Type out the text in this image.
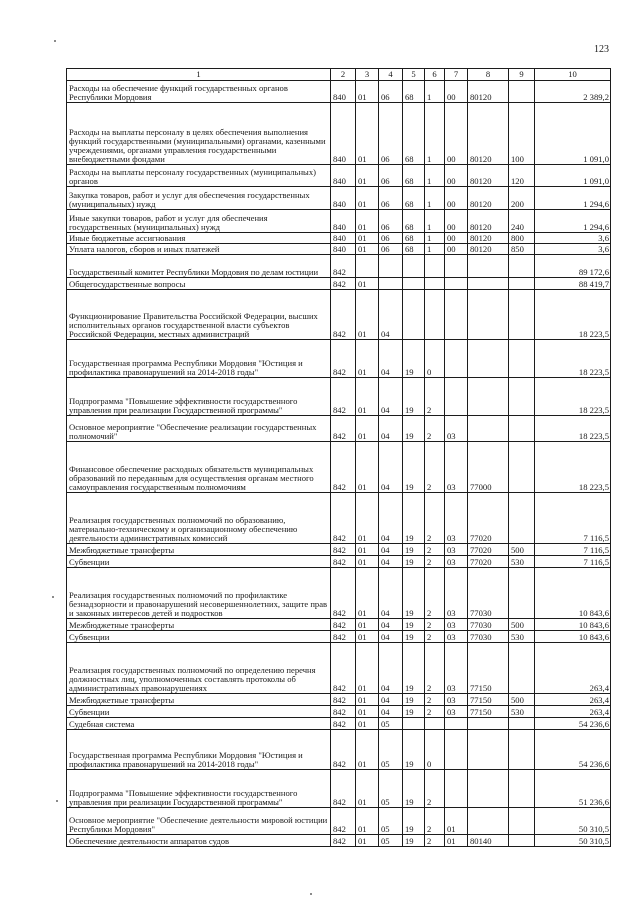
123
1	2	3	4	5	6	7	8	9	10
Расходы на обеспечение функций государственных органов Республики Мордовия	840	01	06	68	1	00	80120		2 389,2
Расходы на выплаты персоналу в целях обеспечения выполнения функций государственными (муниципальными) органами, казенными учреждениями, органами управления государственными внебюджетными фондами	840	01	06	68	1	00	80120	100	1 091,0
Расходы на выплаты персоналу государственных (муниципальных) органов	840	01	06	68	1	00	80120	120	1 091,0
Закупка товаров, работ и услуг для обеспечения государственных (муниципальных) нужд	840	01	06	68	1	00	80120	200	1 294,6
Иные закупки товаров, работ и услуг для обеспечения государственных (муниципальных) нужд	840	01	06	68	1	00	80120	240	1 294,6
Иные бюджетные ассигнования	840	01	06	68	1	00	80120	800	3,6
Уплата налогов, сборов и иных платежей	840	01	06	68	1	00	80120	850	3,6
Государственный комитет Республики Мордовия по делам юстиции	842								89 172,6
Общегосударственные вопросы	842	01							88 419,7
Функционирование Правительства Российской Федерации, высших исполнительных органов государственной власти субъектов Российской Федерации, местных администраций	842	01	04						18 223,5
Государственная программа Республики Мордовия "Юстиция и профилактика правонарушений на 2014-2018 годы"	842	01	04	19	0				18 223,5
Подпрограмма "Повышение эффективности государственного управления при реализации Государственной программы"	842	01	04	19	2				18 223,5
Основное мероприятие "Обеспечение реализации государственных полномочий"	842	01	04	19	2	03			18 223,5
Финансовое обеспечение расходных обязательств муниципальных образований по переданным для осуществления органам местного самоуправления государственным полномочиям	842	01	04	19	2	03	77000		18 223,5
Реализация государственных полномочий по образованию, материально-техническому и организационному обеспечению деятельности административных комиссий	842	01	04	19	2	03	77020		7 116,5
Межбюджетные трансферты	842	01	04	19	2	03	77020	500	7 116,5
Субвенции	842	01	04	19	2	03	77020	530	7 116,5
Реализация государственных полномочий по профилактике безнадзорности и правонарушений несовершеннолетних, защите прав и законных интересов детей и подростков	842	01	04	19	2	03	77030		10 843,6
Межбюджетные трансферты	842	01	04	19	2	03	77030	500	10 843,6
Субвенции	842	01	04	19	2	03	77030	530	10 843,6
Реализация государственных полномочий по определению перечня должностных лиц, уполномоченных составлять протоколы об административных правонарушениях	842	01	04	19	2	03	77150		263,4
Межбюджетные трансферты	842	01	04	19	2	03	77150	500	263,4
Субвенции	842	01	04	19	2	03	77150	530	263,4
Судебная система	842	01	05						54 236,6
Государственная программа Республики Мордовия "Юстиция и профилактика правонарушений на 2014-2018 годы"	842	01	05	19	0				54 236,6
Подпрограмма "Повышение эффективности государственного управления при реализации Государственной программы"	842	01	05	19	2				51 236,6
Основное мероприятие "Обеспечение деятельности мировой юстиции Республики Мордовия"	842	01	05	19	2	01			50 310,5
Обеспечение деятельности аппаратов судов	842	01	05	19	2	01	80140		50 310,5
